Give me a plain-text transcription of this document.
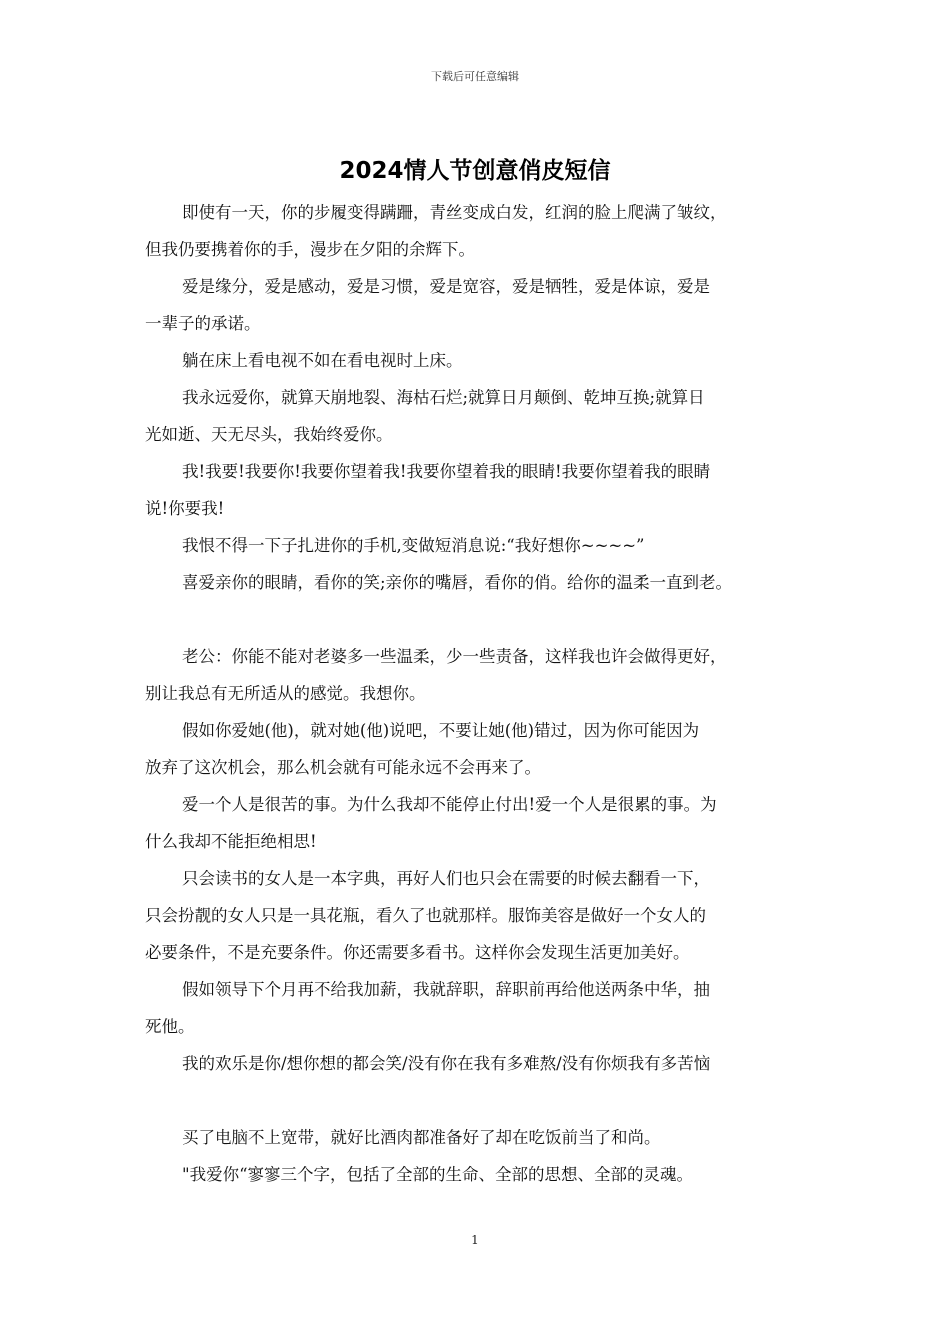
下载后可任意编辑
2024情人节创意俏皮短信

即使有一天，你的步履变得蹒跚，青丝变成白发，红润的脸上爬满了皱纹，
但我仍要携着你的手，漫步在夕阳的余辉下。

爱是缘分，爱是感动，爱是习惯，爱是宽容，爱是牺牲，爱是体谅，爱是
一辈子的承诺。

躺在床上看电视不如在看电视时上床。

我永远爱你，就算天崩地裂、海枯石烂;就算日月颠倒、乾坤互换;就算日
光如逝、天无尽头，我始终爱你。

我!我要!我要你!我要你望着我!我要你望着我的眼睛!我要你望着我的眼睛
说!你要我!

我恨不得一下子扎进你的手机,变做短消息说:“我好想你~~~~”

喜爱亲你的眼睛，看你的笑;亲你的嘴唇，看你的俏。给你的温柔一直到老。

老公：你能不能对老婆多一些温柔，少一些责备，这样我也许会做得更好，
别让我总有无所适从的感觉。我想你。

假如你爱她(他)，就对她(他)说吧，不要让她(他)错过，因为你可能因为
放弃了这次机会，那么机会就有可能永远不会再来了。

爱一个人是很苦的事。为什么我却不能停止付出!爱一个人是很累的事。为
什么我却不能拒绝相思!

只会读书的女人是一本字典，再好人们也只会在需要的时候去翻看一下，
只会扮靓的女人只是一具花瓶，看久了也就那样。服饰美容是做好一个女人的
必要条件，不是充要条件。你还需要多看书。这样你会发现生活更加美好。

假如领导下个月再不给我加薪，我就辞职，辞职前再给他送两条中华，抽
死他。

我的欢乐是你/想你想的都会笑/没有你在我有多难熬/没有你烦我有多苦恼

买了电脑不上宽带，就好比酒肉都准备好了却在吃饭前当了和尚。

"我爱你“寥寥三个字，包括了全部的生命、全部的思想、全部的灵魂。

1
